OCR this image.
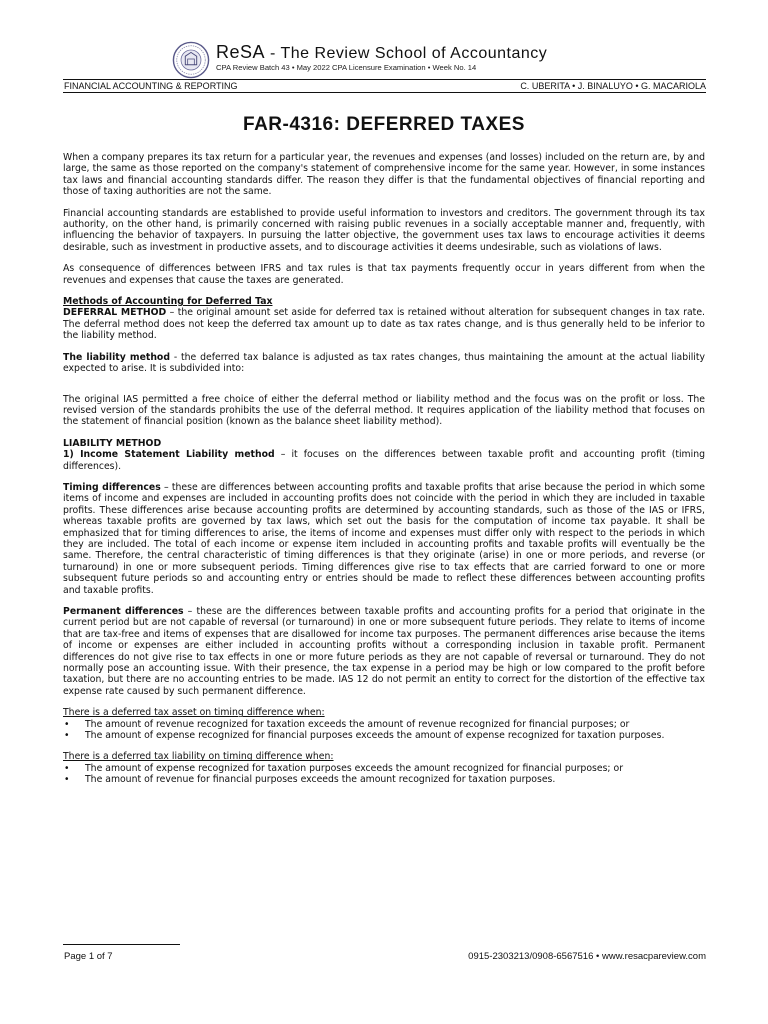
ReSA - The Review School of Accountancy
CPA Review Batch 43 • May 2022 CPA Licensure Examination • Week No. 14
FINANCIAL ACCOUNTING & REPORTING	C. UBERITA • J. BINALUYO • G. MACARIOLA
FAR-4316: DEFERRED TAXES

When a company prepares its tax return for a particular year, the revenues and expenses (and losses) included on the return are, by and large, the same as those reported on the company's statement of comprehensive income for the same year. However, in some instances tax laws and financial accounting standards differ. The reason they differ is that the fundamental objectives of financial reporting and those of taxing authorities are not the same.

Financial accounting standards are established to provide useful information to investors and creditors. The government through its tax authority, on the other hand, is primarily concerned with raising public revenues in a socially acceptable manner and, frequently, with influencing the behavior of taxpayers. In pursuing the latter objective, the government uses tax laws to encourage activities it deems desirable, such as investment in productive assets, and to discourage activities it deems undesirable, such as violations of laws.

As consequence of differences between IFRS and tax rules is that tax payments frequently occur in years different from when the revenues and expenses that cause the taxes are generated.

Methods of Accounting for Deferred Tax

DEFERRAL METHOD – the original amount set aside for deferred tax is retained without alteration for subsequent changes in tax rate. The deferral method does not keep the deferred tax amount up to date as tax rates change, and is thus generally held to be inferior to the liability method.

The liability method - the deferred tax balance is adjusted as tax rates changes, thus maintaining the amount at the actual liability expected to arise. It is subdivided into:

The original IAS permitted a free choice of either the deferral method or liability method and the focus was on the profit or loss. The revised version of the standards prohibits the use of the deferral method. It requires application of the liability method that focuses on the statement of financial position (known as the balance sheet liability method).

LIABILITY METHOD

1) Income Statement Liability method – it focuses on the differences between taxable profit and accounting profit (timing differences).

Timing differences – these are differences between accounting profits and taxable profits that arise because the period in which some items of income and expenses are included in accounting profits does not coincide with the period in which they are included in taxable profits. These differences arise because accounting profits are determined by accounting standards, such as those of the IAS or IFRS, whereas taxable profits are governed by tax laws, which set out the basis for the computation of income tax payable. It shall be emphasized that for timing differences to arise, the items of income and expenses must differ only with respect to the periods in which they are included. The total of each income or expense item included in accounting profits and taxable profits will eventually be the same. Therefore, the central characteristic of timing differences is that they originate (arise) in one or more periods, and reverse (or turnaround) in one or more subsequent periods. Timing differences give rise to tax effects that are carried forward to one or more subsequent future periods so and accounting entry or entries should be made to reflect these differences between accounting profits and taxable profits.

Permanent differences – these are the differences between taxable profits and accounting profits for a period that originate in the current period but are not capable of reversal (or turnaround) in one or more subsequent future periods. They relate to items of income that are tax-free and items of expenses that are disallowed for income tax purposes. The permanent differences arise because the items of income or expenses are either included in accounting profits without a corresponding inclusion in taxable profit. Permanent differences do not give rise to tax effects in one or more future periods as they are not capable of reversal or turnaround. They do not normally pose an accounting issue. With their presence, the tax expense in a period may be high or low compared to the profit before taxation, but there are no accounting entries to be made. IAS 12 do not permit an entity to correct for the distortion of the effective tax expense rate caused by such permanent difference.

There is a deferred tax asset on timing difference when:
• The amount of revenue recognized for taxation exceeds the amount of revenue recognized for financial purposes; or
• The amount of expense recognized for financial purposes exceeds the amount of expense recognized for taxation purposes.
There is a deferred tax liability on timing difference when:
• The amount of expense recognized for taxation purposes exceeds the amount recognized for financial purposes; or
• The amount of revenue for financial purposes exceeds the amount recognized for taxation purposes.
Page 1 of 7	0915-2303213/0908-6567516 • www.resacpareview.com
